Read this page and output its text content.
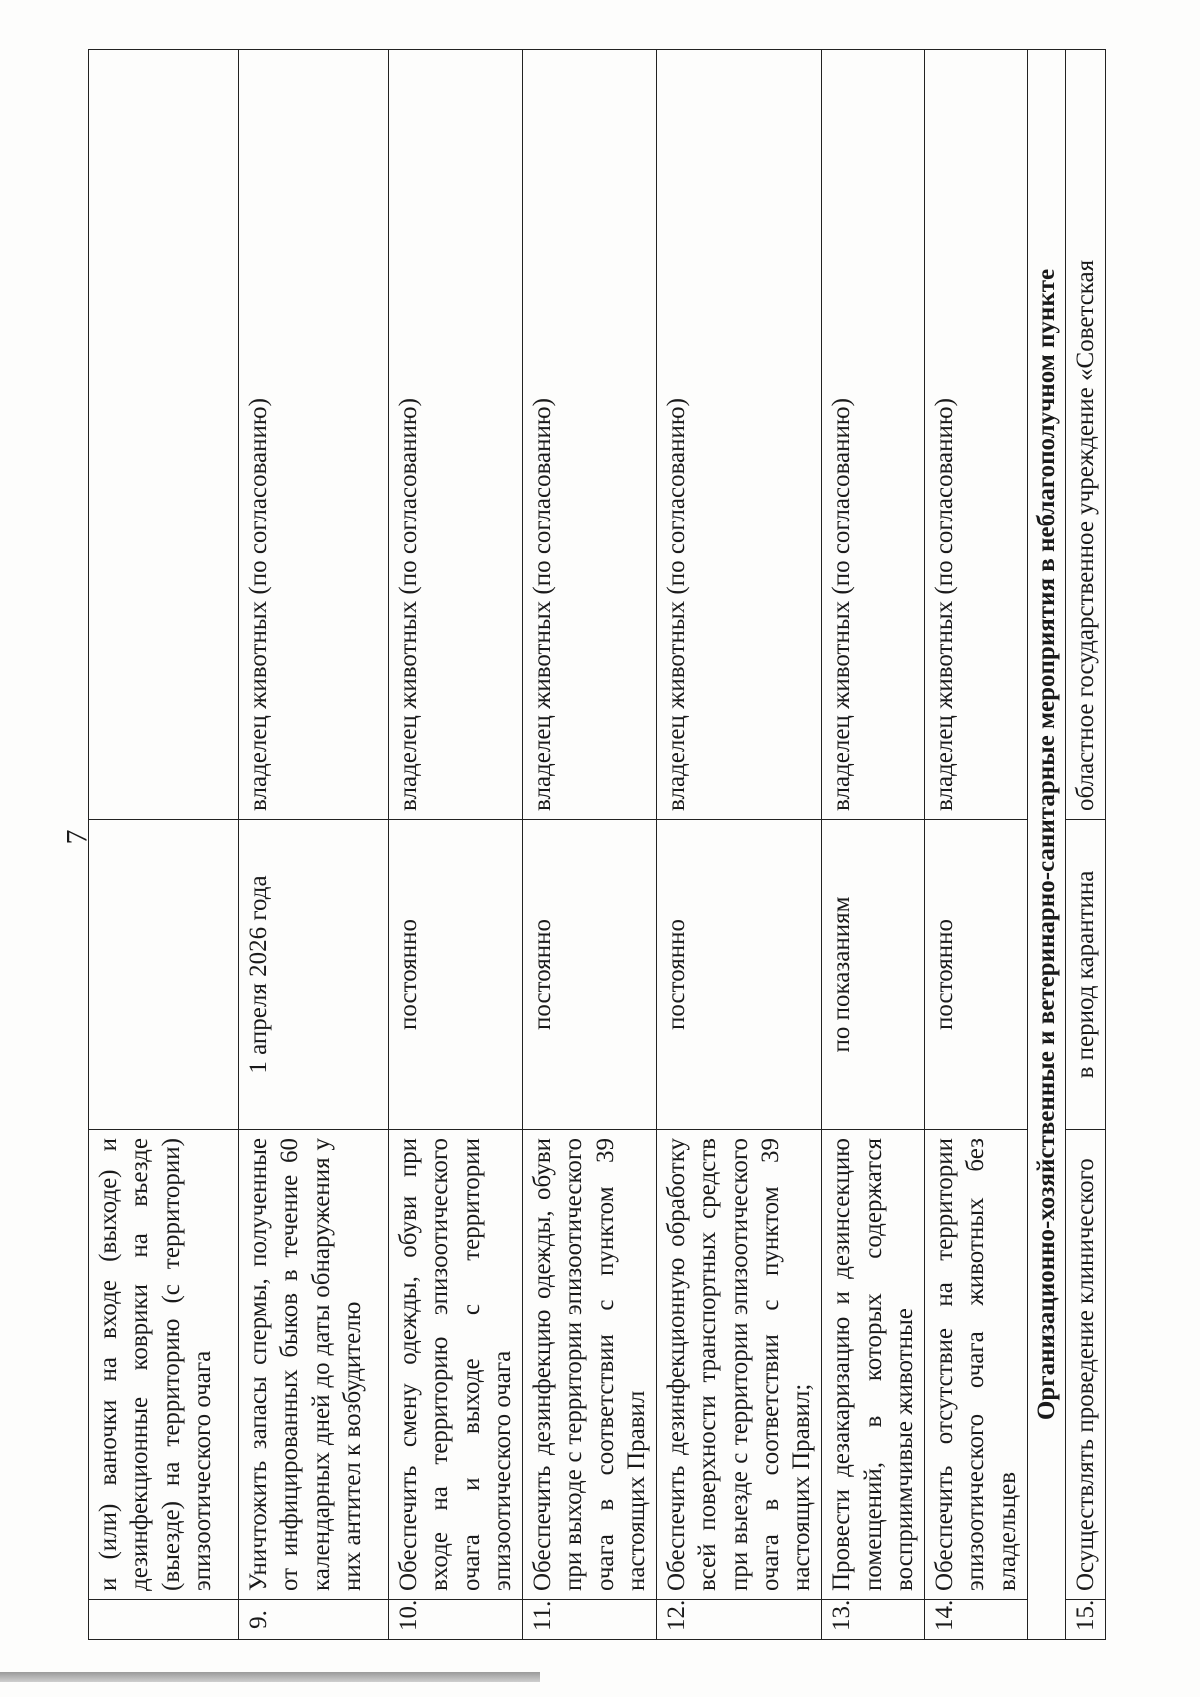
7
	и (или) ваночки на входе (выходе) и дезинфекционные коврики на въезде (выезде) на территорию (с территории) эпизоотического очага		
9.	Уничтожить запасы спермы, полученные от инфицированных быков в течение 60 календарных дней до даты обнаружения у них антител к возбудителю	1 апреля 2026 года	владелец животных (по согласованию)
10.	Обеспечить смену одежды, обуви при входе на территорию эпизоотического очага и выходе с территории эпизоотического очага	постоянно	владелец животных (по согласованию)
11.	Обеспечить дезинфекцию одежды, обуви при выходе с территории эпизоотического очага в соответствии с пунктом 39 настоящих Правил	постоянно	владелец животных (по согласованию)
12.	Обеспечить дезинфекционную обработку всей поверхности транспортных средств при выезде с территории эпизоотического очага в соответствии с пунктом 39 настоящих Правил;	постоянно	владелец животных (по согласованию)
13.	Провести дезакаризацию и дезинсекцию помещений, в которых содержатся восприимчивые животные	по показаниям	владелец животных (по согласованию)
14.	Обеспечить отсутствие на территории эпизоотического очага животных без владельцев	постоянно	владелец животных (по согласованию)
Организационно-хозяйственные и ветеринарно-санитарные мероприятия в неблагополучном пункте			
15.	Осуществлять проведение клинического	в период карантина	областное государственное учреждение «Советская
